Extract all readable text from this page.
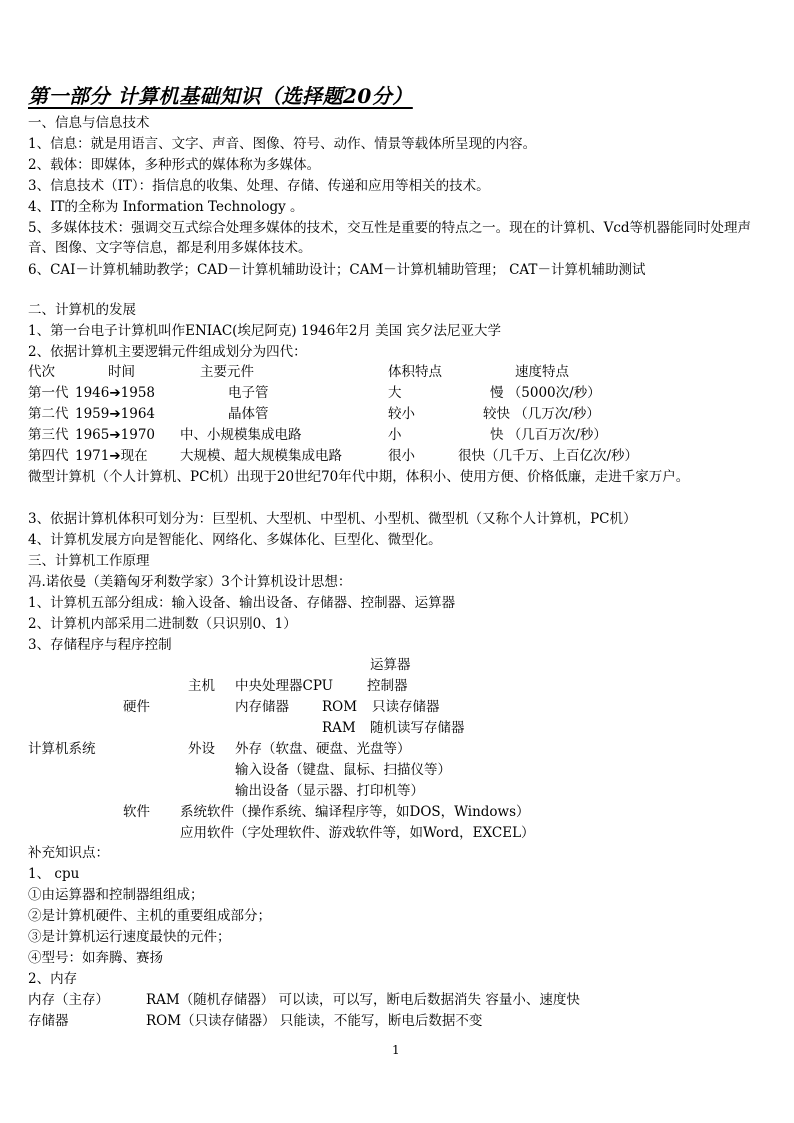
第一部分 计算机基础知识（选择题20分）
一、信息与信息技术
1、信息：就是用语言、文字、声音、图像、符号、动作、情景等载体所呈现的内容。
2、载体：即媒体，多种形式的媒体称为多媒体。
3、信息技术（IT）：指信息的收集、处理、存储、传递和应用等相关的技术。
4、IT的全称为 Information Technology 。
5、多媒体技术：强调交互式综合处理多媒体的技术，交互性是重要的特点之一。现在的计算机、Vcd等机器能同时处理声音、图像、文字等信息，都是利用多媒体技术。
6、CAI－计算机辅助教学；CAD－计算机辅助设计；CAM－计算机辅助管理； CAT－计算机辅助测试
二、计算机的发展
1、第一台电子计算机叫作ENIAC(埃尼阿克) 1946年2月 美国 宾夕法尼亚大学
2、依据计算机主要逻辑元件组成划分为四代：
代次	时间	主要元件	体积特点	速度特点
第一代 1946➔1958	电子管	大	慢 （5000次/秒）
第二代 1959➔1964	晶体管	较小	较快 （几万次/秒）
第三代 1965➔1970 中、小规模集成电路	小	快 （几百万次/秒）
第四代 1971➔现在 大规模、超大规模集成电路	很小	很快（几千万、上百亿次/秒）
微型计算机（个人计算机、PC机）出现于20世纪70年代中期，体积小、使用方便、价格低廉，走进千家万户。
3、依据计算机体积可划分为：巨型机、大型机、中型机、小型机、微型机（又称个人计算机，PC机）
4、计算机发展方向是智能化、网络化、多媒体化、巨型化、微型化。
三、计算机工作原理
冯.诺依曼（美籍匈牙利数学家）3个计算机设计思想：
1、计算机五部分组成：输入设备、输出设备、存储器、控制器、运算器
2、计算机内部采用二进制数（只识别0、1）
3、存储程序与程序控制
运算器
主机 中央处理器CPU	控制器
硬件	内存储器 ROM 只读存储器
RAM 随机读写存储器
计算机系统	外设 外存（软盘、硬盘、光盘等）
输入设备（键盘、鼠标、扫描仪等）
输出设备（显示器、打印机等）
软件 系统软件（操作系统、编译程序等，如DOS，Windows）
应用软件（字处理软件、游戏软件等，如Word，EXCEL）
补充知识点：
1、 cpu
①由运算器和控制器组组成；
②是计算机硬件、主机的重要组成部分；
③是计算机运行速度最快的元件；
④型号：如奔腾、赛扬
2、内存
内存（主存）	RAM（随机存储器） 可以读，可以写，断电后数据消失 容量小、速度快
存储器	ROM（只读存储器） 只能读，不能写，断电后数据不变
1
